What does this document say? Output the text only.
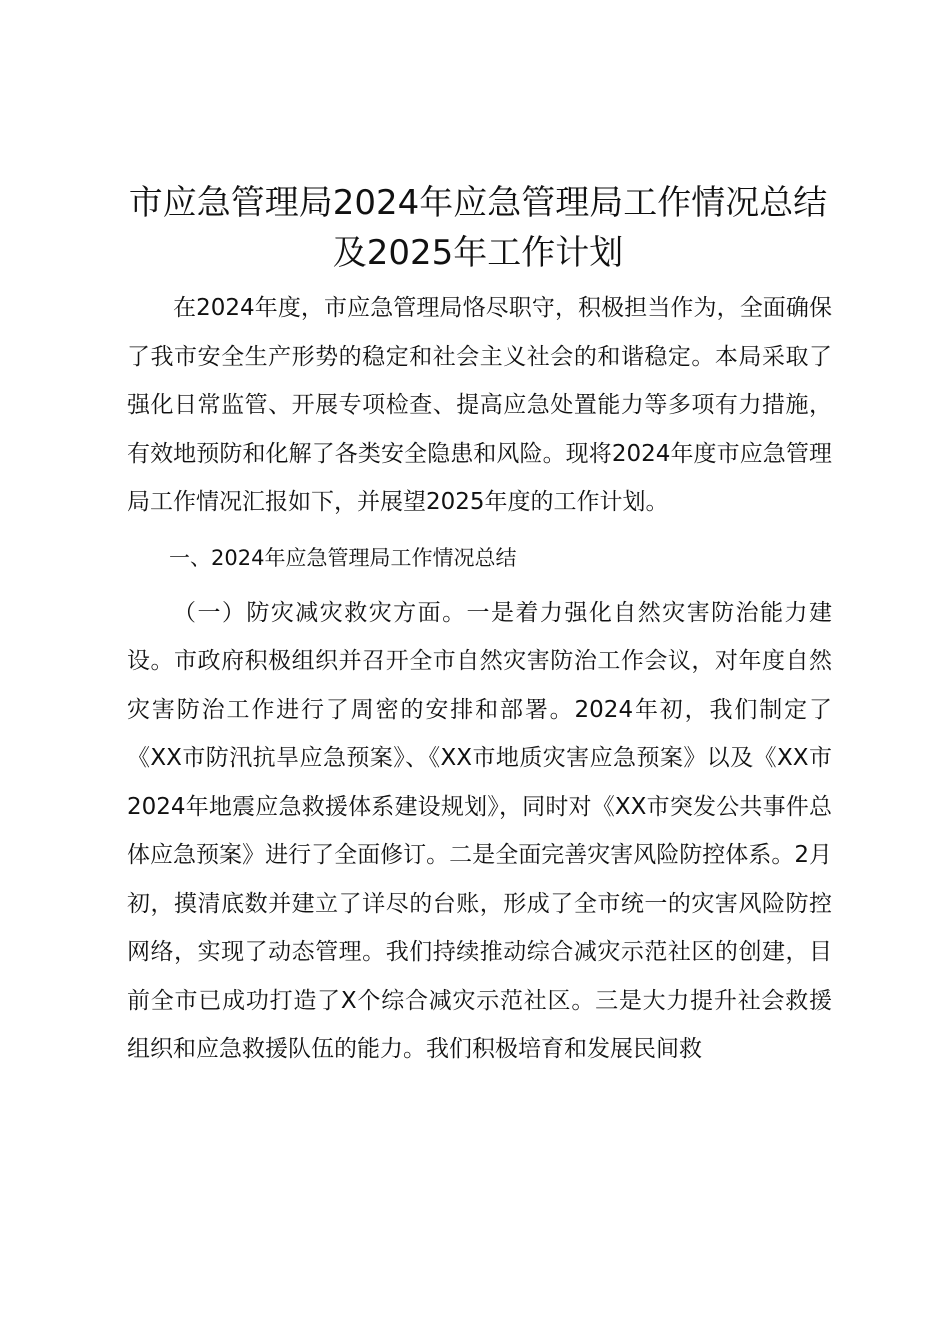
市应急管理局2024年应急管理局工作情况总结及2025年工作计划

在2024年度，市应急管理局恪尽职守，积极担当作为，全面确保了我市安全生产形势的稳定和社会主义社会的和谐稳定。本局采取了强化日常监管、开展专项检查、提高应急处置能力等多项有力措施，有效地预防和化解了各类安全隐患和风险。现将2024年度市应急管理局工作情况汇报如下，并展望2025年度的工作计划。

一、2024年应急管理局工作情况总结

（一）防灾减灾救灾方面。一是着力强化自然灾害防治能力建设。市政府积极组织并召开全市自然灾害防治工作会议，对年度自然灾害防治工作进行了周密的安排和部署。2024年初，我们制定了《XX市防汛抗旱应急预案》、《XX市地质灾害应急预案》以及《XX市2024年地震应急救援体系建设规划》，同时对《XX市突发公共事件总体应急预案》进行了全面修订。二是全面完善灾害风险防控体系。2月初，摸清底数并建立了详尽的台账，形成了全市统一的灾害风险防控网络，实现了动态管理。我们持续推动综合减灾示范社区的创建，目前全市已成功打造了X个综合减灾示范社区。三是大力提升社会救援组织和应急救援队伍的能力。我们积极培育和发展民间救
